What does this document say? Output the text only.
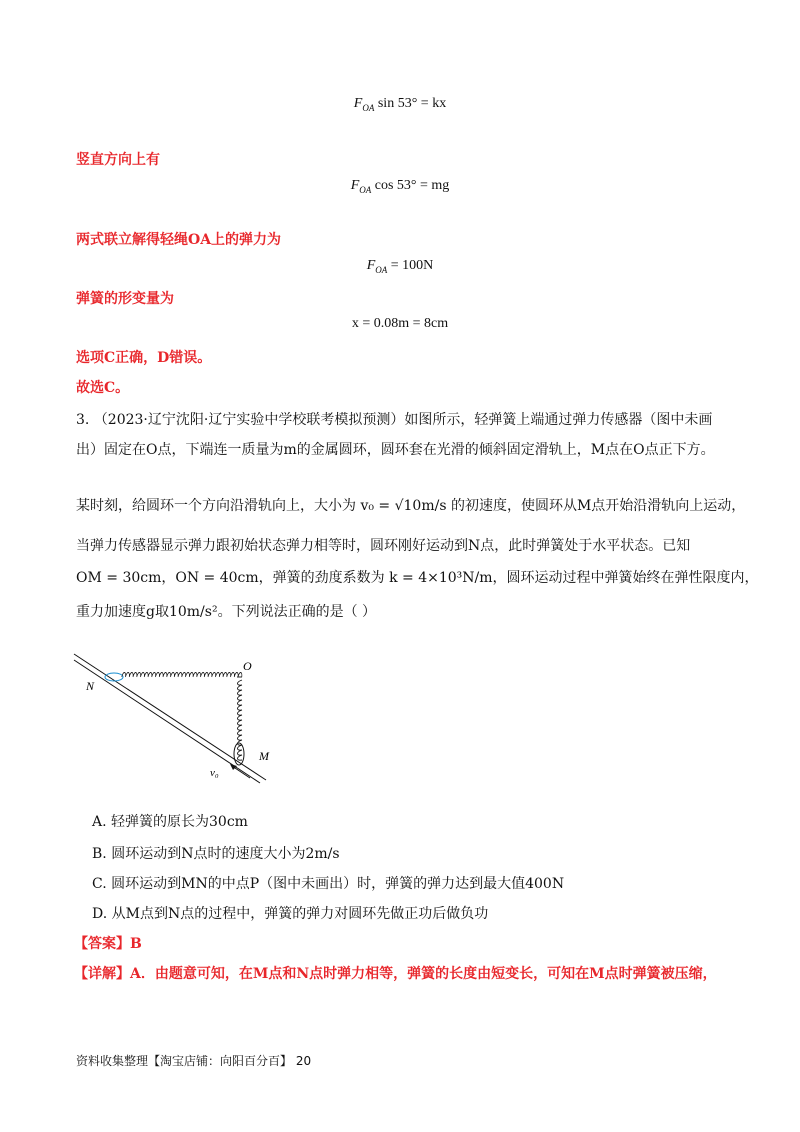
$F_{OA}$ sin 53° = kx
竖直方向上有
$F_{OA}$ cos 53° = mg
两式联立解得轻绳OA上的弹力为
$F_{OA} = 100N$
弹簧的形变量为
x = 0.08m = 8cm
选项C正确，D错误。
故选C。
3. （2023·辽宁沈阳·辽宁实验中学校联考模拟预测）如图所示，轻弹簧上端通过弹力传感器（图中未画
出）固定在O点，下端连一质量为m的金属圆环，圆环套在光滑的倾斜固定滑轨上，M点在O点正下方。
某时刻，给圆环一个方向沿滑轨向上，大小为 v₀ = √10m/s 的初速度，使圆环从M点开始沿滑轨向上运动，
当弹力传感器显示弹力跟初始状态弹力相等时，圆环刚好运动到N点，此时弹簧处于水平状态。已知
OM = 30cm，ON = 40cm，弹簧的劲度系数为 k = 4×10³N/m，圆环运动过程中弹簧始终在弹性限度内，
重力加速度g取10m/s²。下列说法正确的是（ ）
O
N
M
v₀
A. 轻弹簧的原长为30cm
B. 圆环运动到N点时的速度大小为2m/s
C. 圆环运动到MN的中点P（图中未画出）时，弹簧的弹力达到最大值400N
D. 从M点到N点的过程中，弹簧的弹力对圆环先做正功后做负功
【答案】B
【详解】A．由题意可知，在M点和N点时弹力相等，弹簧的长度由短变长，可知在M点时弹簧被压缩，
资料收集整理【淘宝店铺：向阳百分百】 20
